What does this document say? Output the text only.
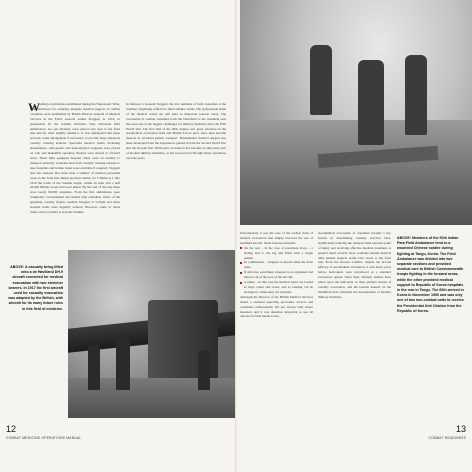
W orking on principles established during the Napoleonic Wars, basic structures for ensuring adequate medical support of combat casualties were established by British Director General of Medical Services in the Field, General Arthur Sloggett, in 1916, in preparation for the Somme offensive. New divisional field ambulances, two per division, were placed very near to the front line and the other slightly behind it. It was anticipated that these sections could amalgamate if necessary, to provide large advanced casualty clearing stations. Specialist medical teams, including anaesthetists, orthopaedic and neurosurgical surgeons were placed on call, and makeshift operating theatres were moved to forward areas. Three fully equipped hospital trains were on standby to transport seriously wounded men from casualty clearing stations to base hospitals and further trains were available if required. Sloggett had also ensured that more than a number of medical personnel were on the front line during previous battles. At 7.30am on 1 July 1916 the battle of the Somme began, within an hour and a half 20,000 British troops had been killed. By the end of the day these were nearly 60,000 casualties. From the first ambulances were completely overwhelmed and started with casualties. News of the appalling casualty figures reached Sloggett at 5.45pm and more hospital trains were urgently ordered. However, some of those trains can be recalled to start the Somme.

In fairness to General Sloggett, the low numbers of field casualties at the Somme's beginning reflected a much smaller battle. The professional skills of the medical teams are still held as important lessons today. The evacuation of combat casualties from the battlefield to the treatment area has been one of the biggest challenges for military medicine since the First World War. The first half of the 20th century saw great advances in the aeromedical evacuation field and British Forces have since then become masters in air-based patient transport. Fundamental medical support has been developed from the experiences gained in both the Second World War and the Korean War. Helicopter evacuation has become an important part of modern military medicine, as has been proven through many operations over the years.

ABOVE: A casualty being lifted onto a de Havilland DH.9 aircraft converted for medical evacuation with two stretcher bearers. In 1917 the first aircraft used for casualty evacuation was adapted by the British, with aircraft for its many future roles in this field of medicine.
12
COMBAT MEDICINE OPERATIONS MANUAL

Unfortunately it was the case of the earliest form of medical evacuation that simply involved the use of modified aircraft. Other features included:

On the rear – in the case of parachute drops – a sliding bed to the leg and fitted with a single patient.
In combination – strapped or placed under the front seats.
If airborne, parachutes dropped in an organised and thrown out of the door of the aircraft.
A glider – in this case the medical stores are loaded in large crates and boxes, and so landing can be arranged to where they are required.

Although the Director of the British Medical Services issued a standard operating procedure, doctors and containers unfortunately did not always land where intended, and it was therefore important to use all options for field medical care.

Aeromedical evacuation of casualties became a key feature in determining casualty survival rates, significantly reducing the transport time between point of injury and receiving effective medical treatment. A general trend towards more available mobile medical units pushed surgical teams ever closer to the front line. From the Korean Conflict, despite the proven efficacy of aeromedical evacuation, it took many years before helicopters were introduced as a standard evacuation option. Since then, Western nations have relied upon the helicopter as their primary means of casualty evacuation, and the lessons learned on the battlefield have informed the development of modern military medicine.

ABOVE: Members of the 60th Indian Para Field Ambulance tend to a wounded Chinese soldier during fighting at Taegu, Korea. The Field Ambulance was divided into two separate sections and provided medical care to British Commonwealth troops fighting in the forward areas, while the other provided medical support to Republic of Korea hospitals in the rear in Taegu. The 60th arrived in Korea in November 1950 and was only one of two non-combat units to receive the Presidential Unit Citation from the Republic of Korea.
13
COMBAT READINESS
